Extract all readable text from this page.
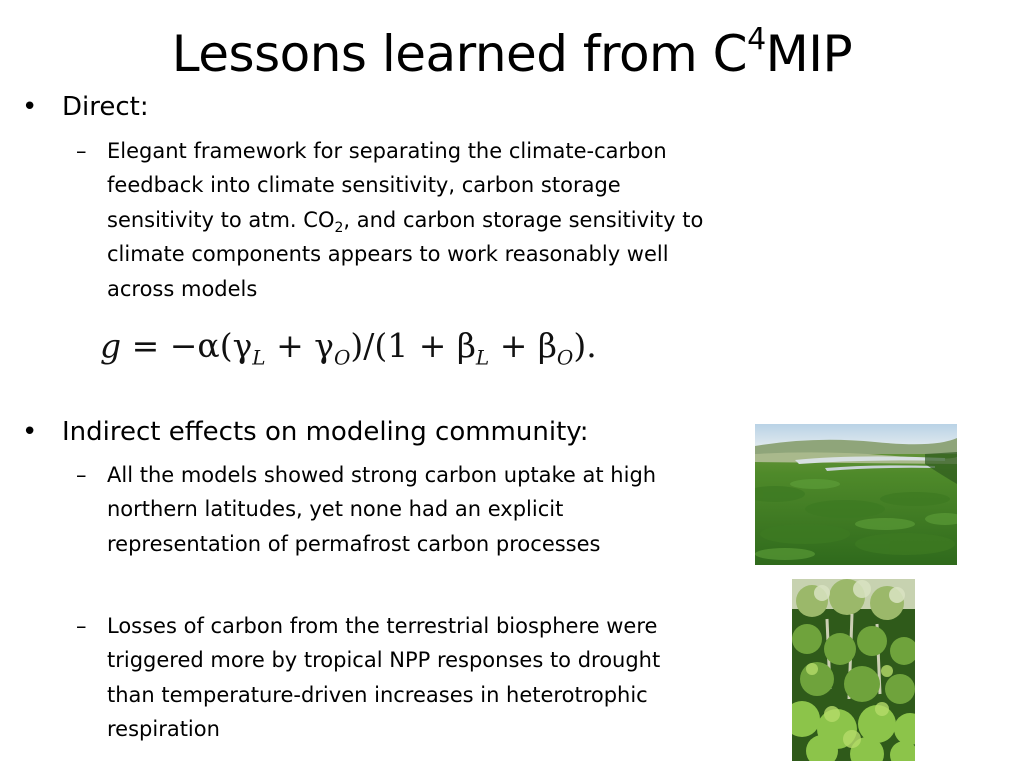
Lessons learned from $C^4MIP$
• Direct:
– Elegant framework for separating the climate-carbon
feedback into climate sensitivity, carbon storage
sensitivity to atm. $CO_2$, and carbon storage sensitivity to
climate components appears to work reasonably well
across models
$g = -\alpha(\gamma_L + \gamma_O)/(1 + \beta_L + \beta_O)$.
• Indirect effects on modeling community:
– All the models showed strong carbon uptake at high
northern latitudes, yet none had an explicit
representation of permafrost carbon processes
– Losses of carbon from the terrestrial biosphere were
triggered more by tropical NPP responses to drought
than temperature-driven increases in heterotrophic
respiration
